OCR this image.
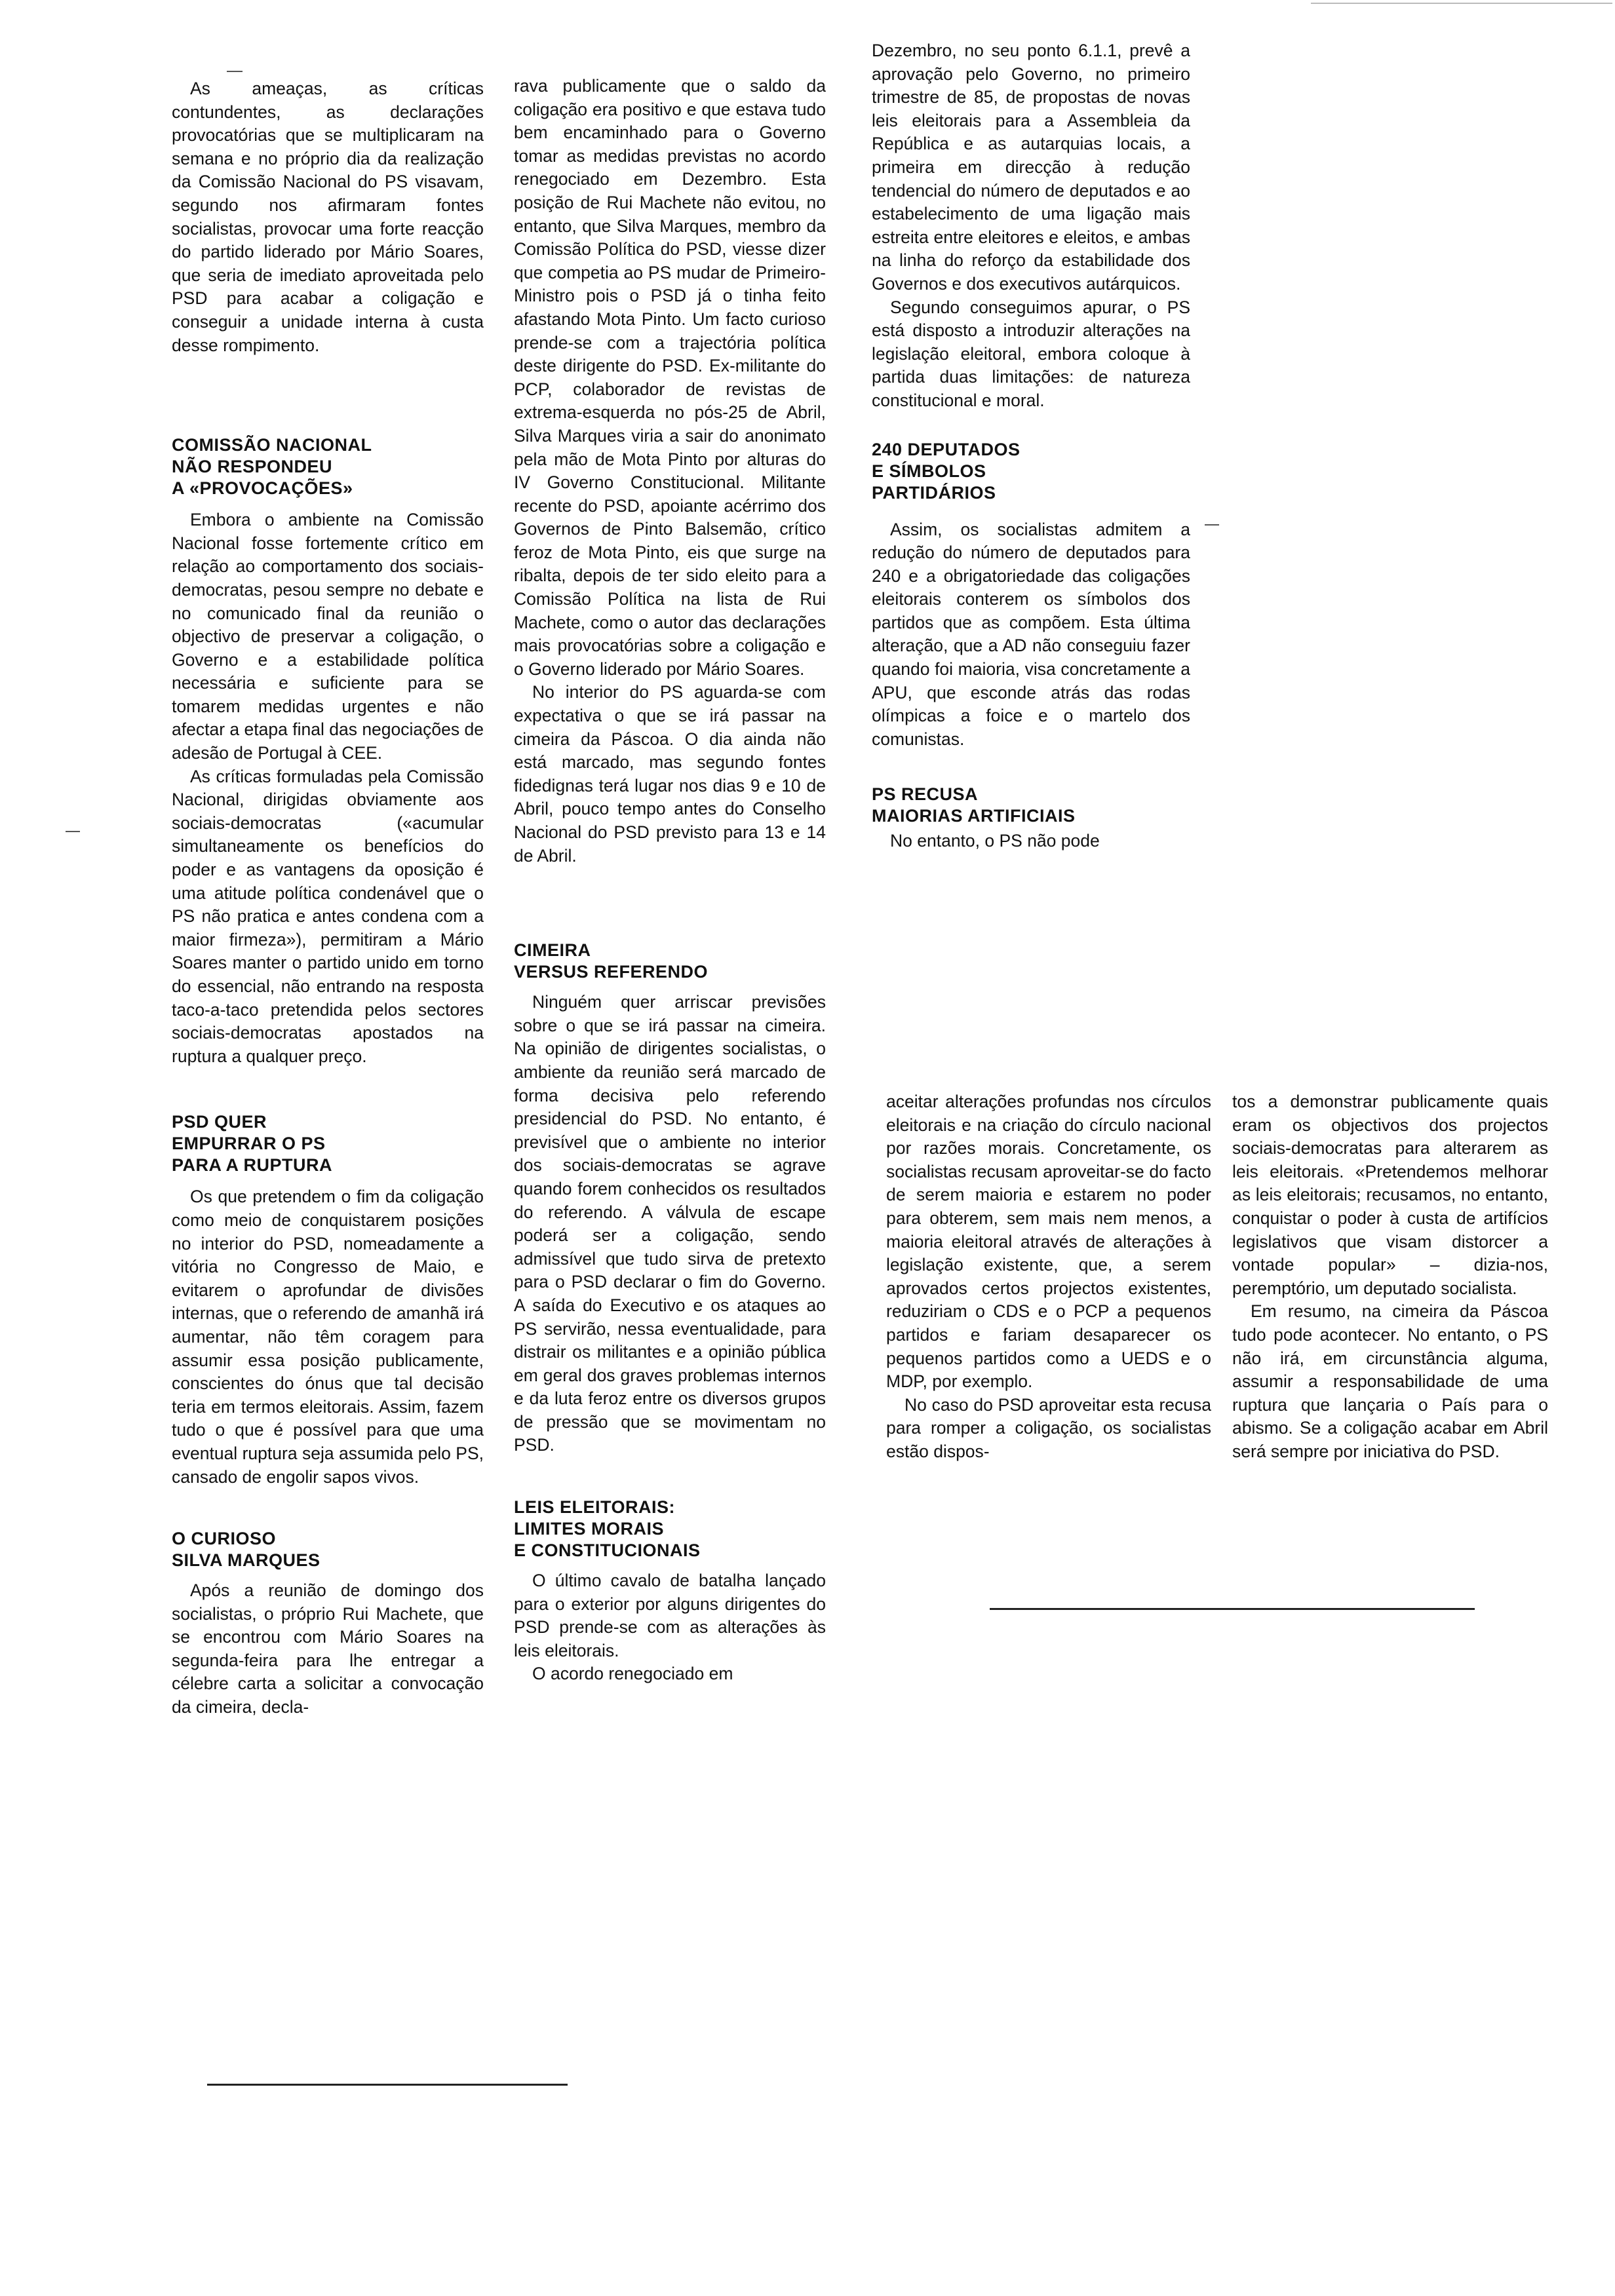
As ameaças, as críticas contundentes, as declarações provocatórias que se multiplicaram na semana e no próprio dia da realização da Comissão Nacional do PS visavam, segundo nos afirmaram fontes socialistas, provocar uma forte reacção do partido liderado por Mário Soares, que seria de imediato aproveitada pelo PSD para acabar a coligação e conseguir a unidade interna à custa desse rompimento.

COMISSÃO NACIONAL
NÃO RESPONDEU
A «PROVOCAÇÕES»

Embora o ambiente na Comissão Nacional fosse fortemente crítico em relação ao comportamento dos sociais-democratas, pesou sempre no debate e no comunicado final da reunião o objectivo de preservar a coligação, o Governo e a estabilidade política necessária e suficiente para se tomarem medidas urgentes e não afectar a etapa final das negociações de adesão de Portugal à CEE.

As críticas formuladas pela Comissão Nacional, dirigidas obviamente aos sociais-democratas («acumular simultaneamente os benefícios do poder e as vantagens da oposição é uma atitude política condenável que o PS não pratica e antes condena com a maior firmeza»), permitiram a Mário Soares manter o partido unido em torno do essencial, não entrando na resposta taco-a-taco pretendida pelos sectores sociais-democratas apostados na ruptura a qualquer preço.

PSD QUER
EMPURRAR O PS
PARA A RUPTURA

Os que pretendem o fim da coligação como meio de conquistarem posições no interior do PSD, nomeadamente a vitória no Congresso de Maio, e evitarem o aprofundar de divisões internas, que o referendo de amanhã irá aumentar, não têm coragem para assumir essa posição publicamente, conscientes do ónus que tal decisão teria em termos eleitorais. Assim, fazem tudo o que é possível para que uma eventual ruptura seja assumida pelo PS, cansado de engolir sapos vivos.

O CURIOSO
SILVA MARQUES

Após a reunião de domingo dos socialistas, o próprio Rui Machete, que se encontrou com Mário Soares na segunda-feira para lhe entregar a célebre carta a solicitar a convocação da cimeira, decla-

rava publicamente que o saldo da coligação era positivo e que estava tudo bem encaminhado para o Governo tomar as medidas previstas no acordo renegociado em Dezembro. Esta posição de Rui Machete não evitou, no entanto, que Silva Marques, membro da Comissão Política do PSD, viesse dizer que competia ao PS mudar de Primeiro-Ministro pois o PSD já o tinha feito afastando Mota Pinto. Um facto curioso prende-se com a trajectória política deste dirigente do PSD. Ex-militante do PCP, colaborador de revistas de extrema-esquerda no pós-25 de Abril, Silva Marques viria a sair do anonimato pela mão de Mota Pinto por alturas do IV Governo Constitucional. Militante recente do PSD, apoiante acérrimo dos Governos de Pinto Balsemão, crítico feroz de Mota Pinto, eis que surge na ribalta, depois de ter sido eleito para a Comissão Política na lista de Rui Machete, como o autor das declarações mais provocatórias sobre a coligação e o Governo liderado por Mário Soares.

No interior do PS aguarda-se com expectativa o que se irá passar na cimeira da Páscoa. O dia ainda não está marcado, mas segundo fontes fidedignas terá lugar nos dias 9 e 10 de Abril, pouco tempo antes do Conselho Nacional do PSD previsto para 13 e 14 de Abril.

CIMEIRA
VERSUS REFERENDO

Ninguém quer arriscar previsões sobre o que se irá passar na cimeira. Na opinião de dirigentes socialistas, o ambiente da reunião será marcado de forma decisiva pelo referendo presidencial do PSD. No entanto, é previsível que o ambiente no interior dos sociais-democratas se agrave quando forem conhecidos os resultados do referendo. A válvula de escape poderá ser a coligação, sendo admissível que tudo sirva de pretexto para o PSD declarar o fim do Governo. A saída do Executivo e os ataques ao PS servirão, nessa eventualidade, para distrair os militantes e a opinião pública em geral dos graves problemas internos e da luta feroz entre os diversos grupos de pressão que se movimentam no PSD.

LEIS ELEITORAIS:
LIMITES MORAIS
E CONSTITUCIONAIS

O último cavalo de batalha lançado para o exterior por alguns dirigentes do PSD prende-se com as alterações às leis eleitorais.

O acordo renegociado em

Dezembro, no seu ponto 6.1.1, prevê a aprovação pelo Governo, no primeiro trimestre de 85, de propostas de novas leis eleitorais para a Assembleia da República e as autarquias locais, a primeira em direcção à redução tendencial do número de deputados e ao estabelecimento de uma ligação mais estreita entre eleitores e eleitos, e ambas na linha do reforço da estabilidade dos Governos e dos executivos autárquicos.

Segundo conseguimos apurar, o PS está disposto a introduzir alterações na legislação eleitoral, embora coloque à partida duas limitações: de natureza constitucional e moral.

240 DEPUTADOS
E SÍMBOLOS
PARTIDÁRIOS

Assim, os socialistas admitem a redução do número de deputados para 240 e a obrigatoriedade das coligações eleitorais conterem os símbolos dos partidos que as compõem. Esta última alteração, que a AD não conseguiu fazer quando foi maioria, visa concretamente a APU, que esconde atrás das rodas olímpicas a foice e o martelo dos comunistas.

PS RECUSA
MAIORIAS ARTIFICIAIS

No entanto, o PS não pode

aceitar alterações profundas nos círculos eleitorais e na criação do círculo nacional por razões morais. Concretamente, os socialistas recusam aproveitar-se do facto de serem maioria e estarem no poder para obterem, sem mais nem menos, a maioria eleitoral através de alterações à legislação existente, que, a serem aprovados certos projectos existentes, reduziriam o CDS e o PCP a pequenos partidos e fariam desaparecer os pequenos partidos como a UEDS e o MDP, por exemplo.

No caso do PSD aproveitar esta recusa para romper a coligação, os socialistas estão dispos-

tos a demonstrar publicamente quais eram os objectivos dos projectos sociais-democratas para alterarem as leis eleitorais. «Pretendemos melhorar as leis eleitorais; recusamos, no entanto, conquistar o poder à custa de artifícios legislativos que visam distorcer a vontade popular» – dizia-nos, peremptório, um deputado socialista.

Em resumo, na cimeira da Páscoa tudo pode acontecer. No entanto, o PS não irá, em circunstância alguma, assumir a responsabilidade de uma ruptura que lançaria o País para o abismo. Se a coligação acabar em Abril será sempre por iniciativa do PSD.
